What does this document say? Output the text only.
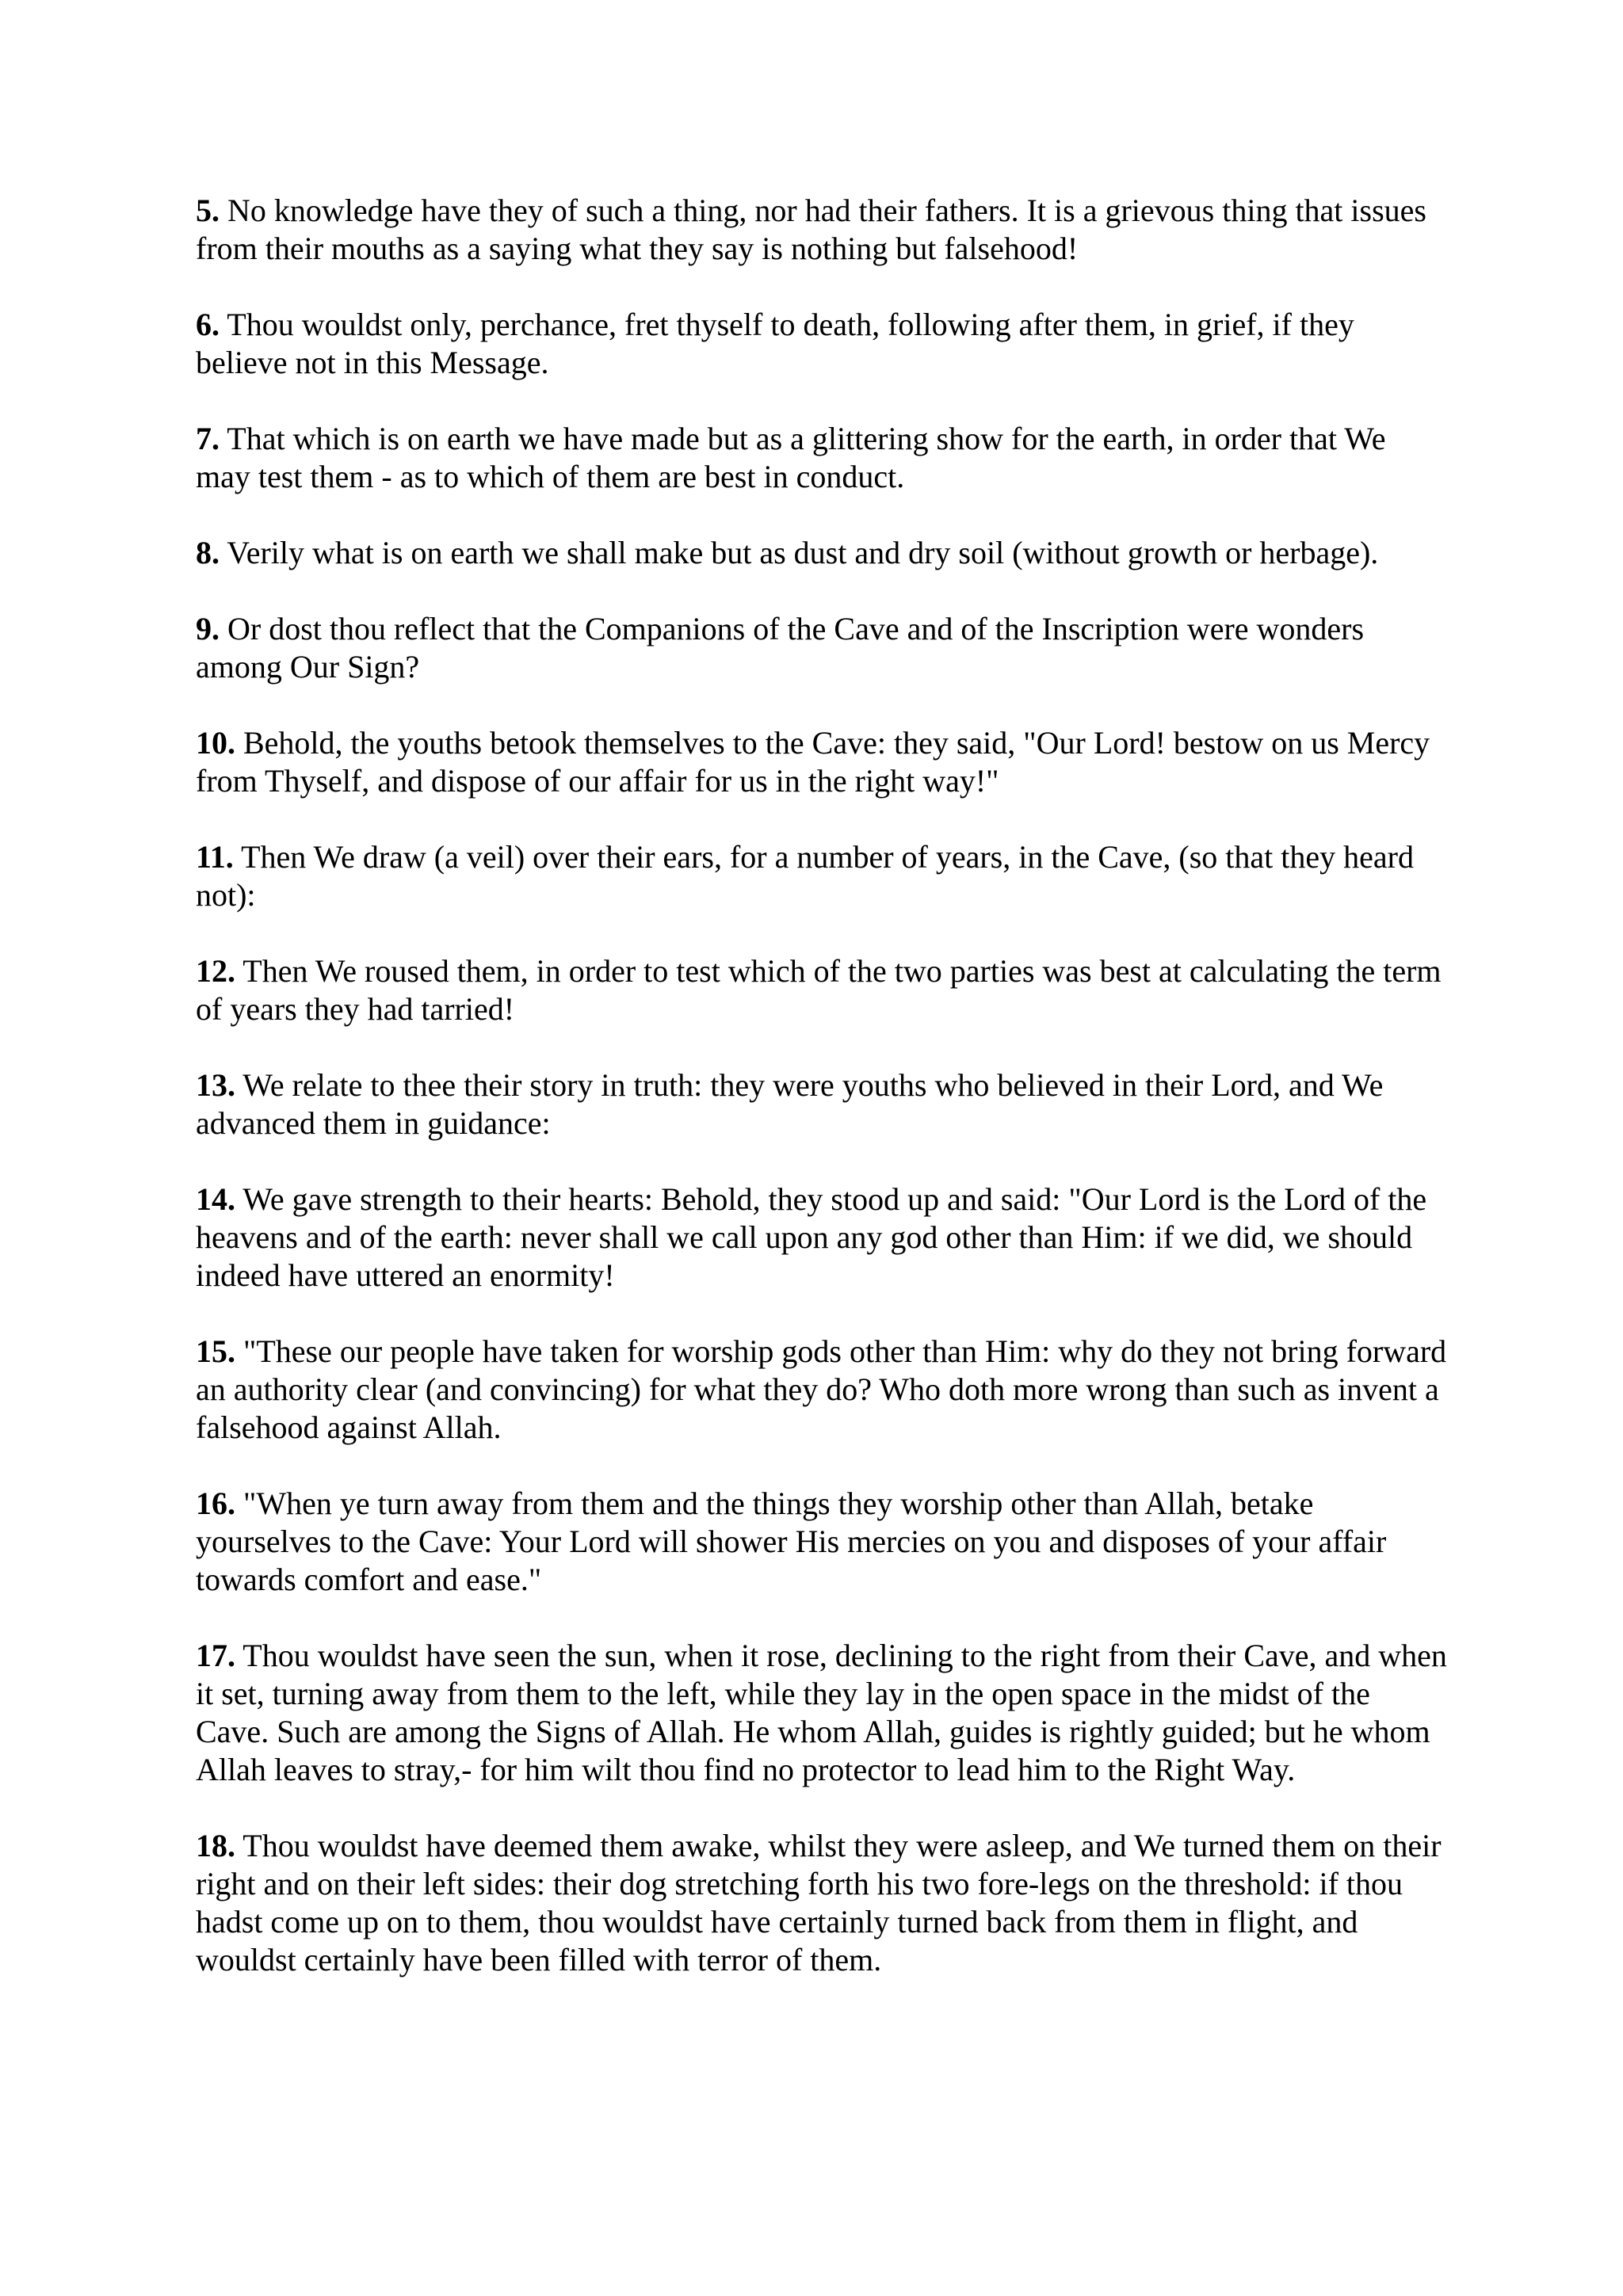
5. No knowledge have they of such a thing, nor had their fathers. It is a grievous thing that issues from their mouths as a saying what they say is nothing but falsehood!

6. Thou wouldst only, perchance, fret thyself to death, following after them, in grief, if they believe not in this Message.

7. That which is on earth we have made but as a glittering show for the earth, in order that We may test them - as to which of them are best in conduct.

8. Verily what is on earth we shall make but as dust and dry soil (without growth or herbage).

9. Or dost thou reflect that the Companions of the Cave and of the Inscription were wonders among Our Sign?

10. Behold, the youths betook themselves to the Cave: they said, "Our Lord! bestow on us Mercy from Thyself, and dispose of our affair for us in the right way!"

11. Then We draw (a veil) over their ears, for a number of years, in the Cave, (so that they heard not):

12. Then We roused them, in order to test which of the two parties was best at calculating the term of years they had tarried!

13. We relate to thee their story in truth: they were youths who believed in their Lord, and We advanced them in guidance:

14. We gave strength to their hearts: Behold, they stood up and said: "Our Lord is the Lord of the heavens and of the earth: never shall we call upon any god other than Him: if we did, we should indeed have uttered an enormity!

15. "These our people have taken for worship gods other than Him: why do they not bring forward an authority clear (and convincing) for what they do? Who doth more wrong than such as invent a falsehood against Allah.

16. "When ye turn away from them and the things they worship other than Allah, betake yourselves to the Cave: Your Lord will shower His mercies on you and disposes of your affair towards comfort and ease."

17. Thou wouldst have seen the sun, when it rose, declining to the right from their Cave, and when it set, turning away from them to the left, while they lay in the open space in the midst of the Cave. Such are among the Signs of Allah. He whom Allah, guides is rightly guided; but he whom Allah leaves to stray,- for him wilt thou find no protector to lead him to the Right Way.

18. Thou wouldst have deemed them awake, whilst they were asleep, and We turned them on their right and on their left sides: their dog stretching forth his two fore-legs on the threshold: if thou hadst come up on to them, thou wouldst have certainly turned back from them in flight, and wouldst certainly have been filled with terror of them.
